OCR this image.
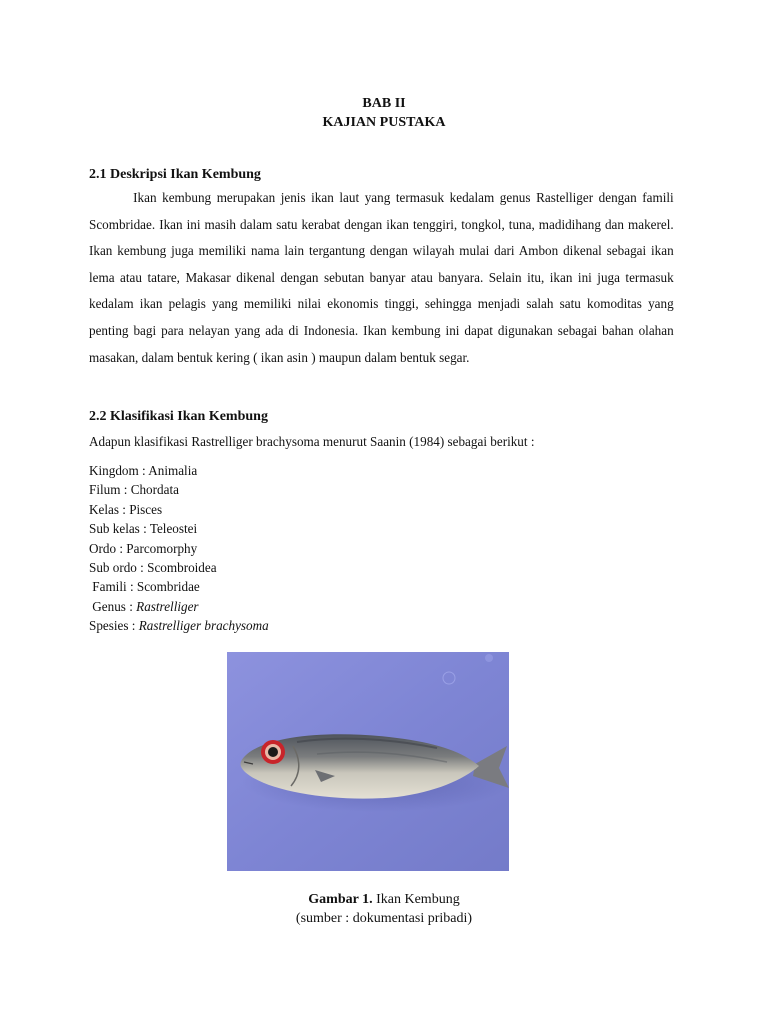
BAB II
KAJIAN PUSTAKA
2.1 Deskripsi Ikan Kembung
Ikan kembung merupakan jenis ikan laut yang termasuk kedalam genus Rastelliger dengan famili Scombridae. Ikan ini masih dalam satu kerabat dengan ikan tenggiri, tongkol, tuna, madidihang dan makerel. Ikan kembung juga memiliki nama lain tergantung dengan wilayah mulai dari Ambon dikenal sebagai ikan lema atau tatare, Makasar dikenal dengan sebutan banyar atau banyara. Selain itu, ikan ini juga termasuk kedalam ikan pelagis yang memiliki nilai ekonomis tinggi, sehingga menjadi salah satu komoditas yang penting bagi para nelayan yang ada di Indonesia. Ikan kembung ini dapat digunakan sebagai bahan olahan masakan, dalam bentuk kering ( ikan asin ) maupun dalam bentuk segar.
2.2 Klasifikasi Ikan Kembung
Adapun klasifikasi Rastrelliger brachysoma menurut Saanin (1984) sebagai berikut :
Kingdom : Animalia
Filum : Chordata
Kelas : Pisces
Sub kelas : Teleostei
Ordo : Parcomorphy
Sub ordo : Scombroidea
Famili : Scombridae
Genus : Rastrelliger
Spesies : Rastrelliger brachysoma
Gambar 1. Ikan Kembung
(sumber : dokumentasi pribadi)
